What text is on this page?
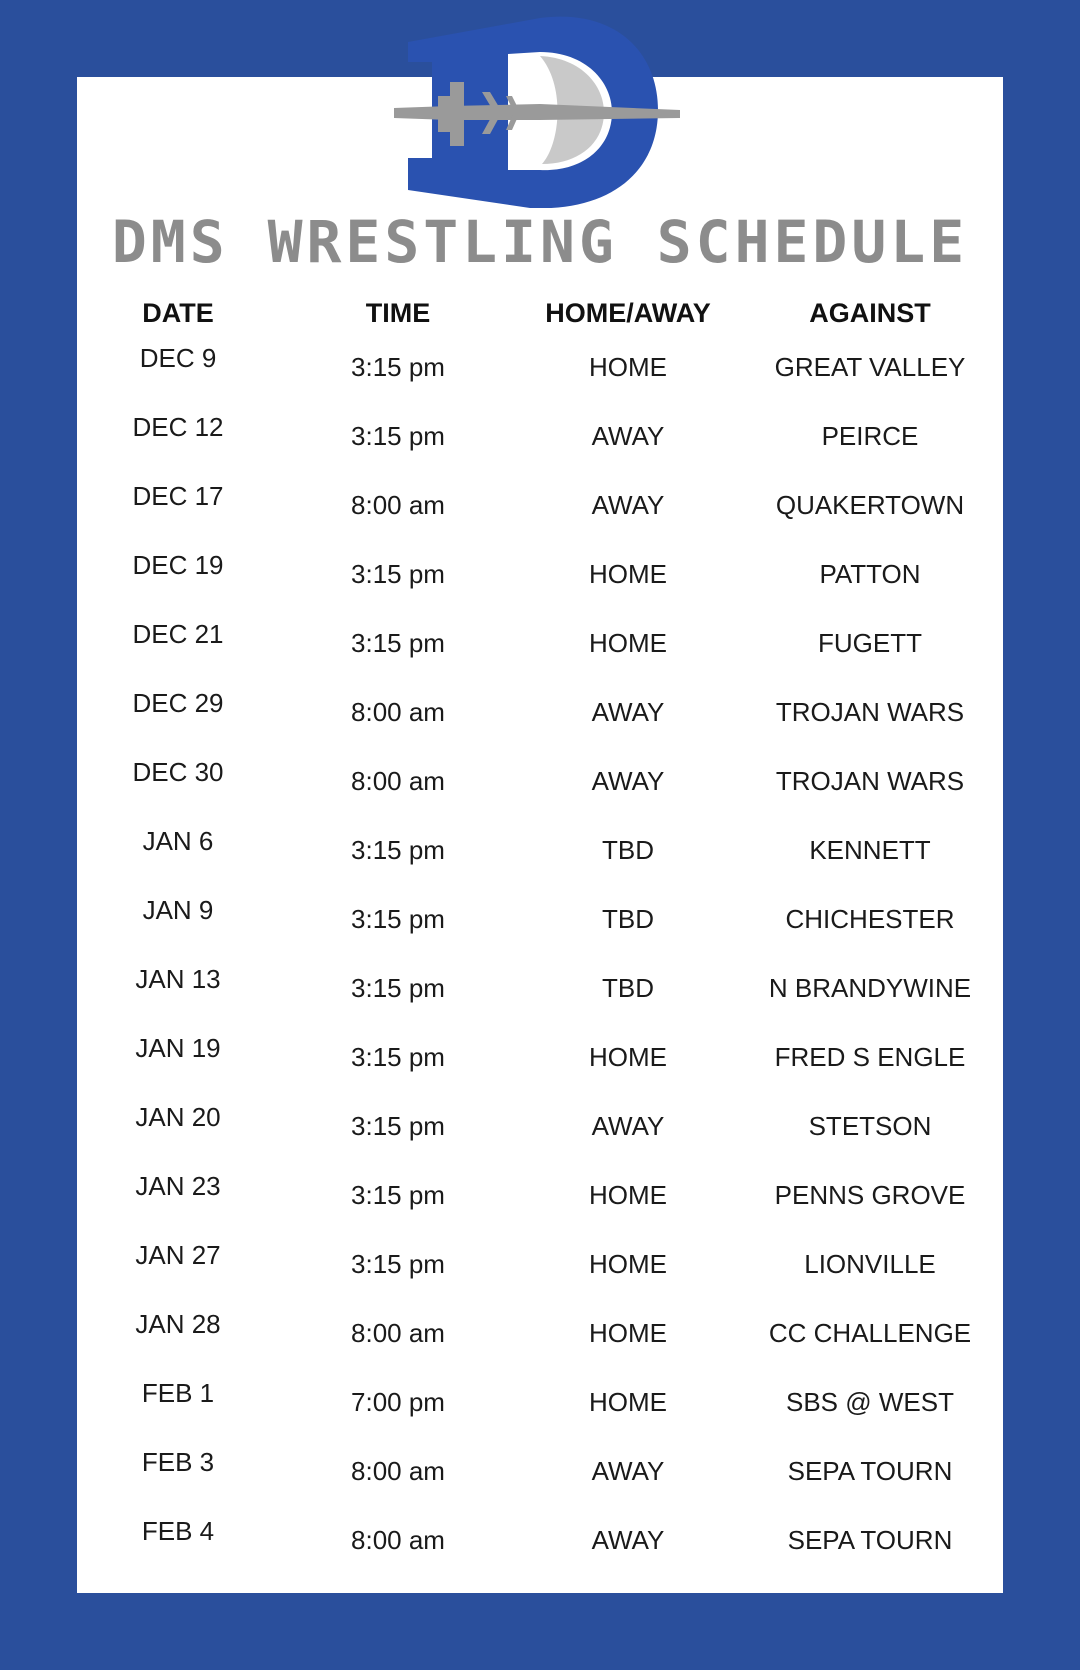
DMS WRESTLING SCHEDULE
DATE	TIME	HOME/AWAY	AGAINST
DEC 9	3:15 pm	HOME	GREAT VALLEY
DEC 12	3:15 pm	AWAY	PEIRCE
DEC 17	8:00 am	AWAY	QUAKERTOWN
DEC 19	3:15 pm	HOME	PATTON
DEC 21	3:15 pm	HOME	FUGETT
DEC 29	8:00 am	AWAY	TROJAN WARS
DEC 30	8:00 am	AWAY	TROJAN WARS
JAN 6	3:15 pm	TBD	KENNETT
JAN 9	3:15 pm	TBD	CHICHESTER
JAN 13	3:15 pm	TBD	N BRANDYWINE
JAN 19	3:15 pm	HOME	FRED S ENGLE
JAN 20	3:15 pm	AWAY	STETSON
JAN 23	3:15 pm	HOME	PENNS GROVE
JAN 27	3:15 pm	HOME	LIONVILLE
JAN 28	8:00 am	HOME	CC CHALLENGE
FEB 1	7:00 pm	HOME	SBS @ WEST
FEB 3	8:00 am	AWAY	SEPA TOURN
FEB 4	8:00 am	AWAY	SEPA TOURN
